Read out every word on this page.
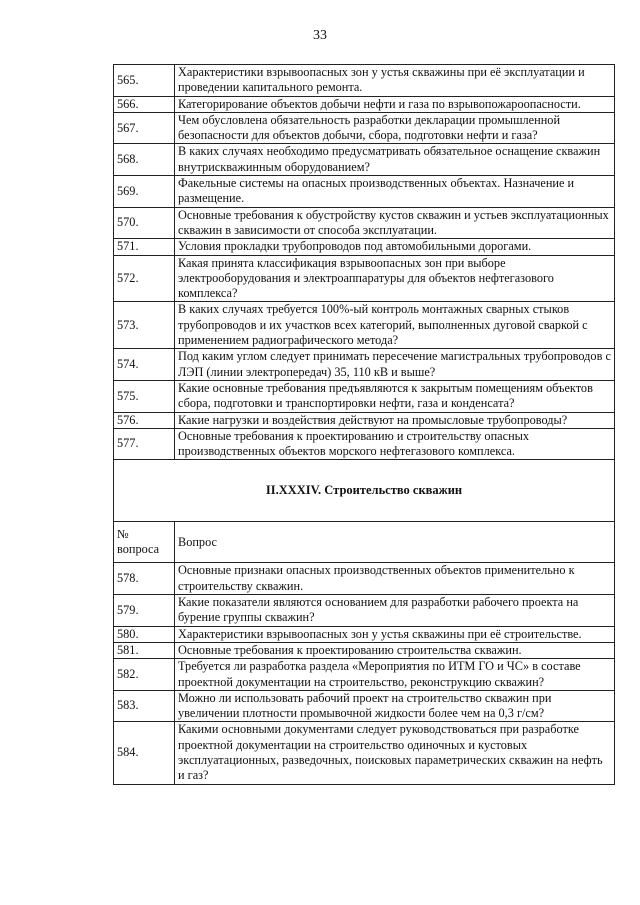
33
565.	Характеристики взрывоопасных зон у устья скважины при её эксплуатации и проведении капитального ремонта.
566.	Категорирование объектов добычи нефти и газа по взрывопожароопасности.
567.	Чем обусловлена обязательность разработки декларации промышленной безопасности для объектов добычи, сбора, подготовки нефти и газа?
568.	В каких случаях необходимо предусматривать обязательное оснащение скважин внутрискважинным оборудованием?
569.	Факельные системы на опасных производственных объектах. Назначение и размещение.
570.	Основные требования к обустройству кустов скважин и устьев эксплуатационных скважин в зависимости от способа эксплуатации.
571.	Условия прокладки трубопроводов под автомобильными дорогами.
572.	Какая принята классификация взрывоопасных зон при выборе электрооборудования и электроаппаратуры для объектов нефтегазового комплекса?
573.	В каких случаях требуется 100%-ый контроль монтажных сварных стыков трубопроводов и их участков всех категорий, выполненных дуговой сваркой с применением радиографического метода?
574.	Под каким углом следует принимать пересечение магистральных трубопроводов с ЛЭП (линии электропередач) 35, 110 кВ и выше?
575.	Какие основные требования предъявляются к закрытым помещениям объектов сбора, подготовки и транспортировки нефти, газа и конденсата?
576.	Какие нагрузки и воздействия действуют на промысловые трубопроводы?
577.	Основные требования к проектированию и строительству опасных производственных объектов морского нефтегазового комплекса.
II.XXXIV. Строительство скважин	
№ вопроса	Вопрос
578.	Основные признаки опасных производственных объектов применительно к строительству скважин.
579.	Какие показатели являются основанием для разработки рабочего проекта на бурение группы скважин?
580.	Характеристики взрывоопасных зон у устья скважины при её строительстве.
581.	Основные требования к проектированию строительства скважин.
582.	Требуется ли разработка раздела «Мероприятия по ИТМ ГО и ЧС» в составе проектной документации на строительство, реконструкцию скважин?
583.	Можно ли использовать рабочий проект на строительство скважин при увеличении плотности промывочной жидкости более чем на 0,3 г/см?
584.	Какими основными документами следует руководствоваться при разработке проектной документации на строительство одиночных и кустовых эксплуатационных, разведочных, поисковых параметрических скважин на нефть и газ?
